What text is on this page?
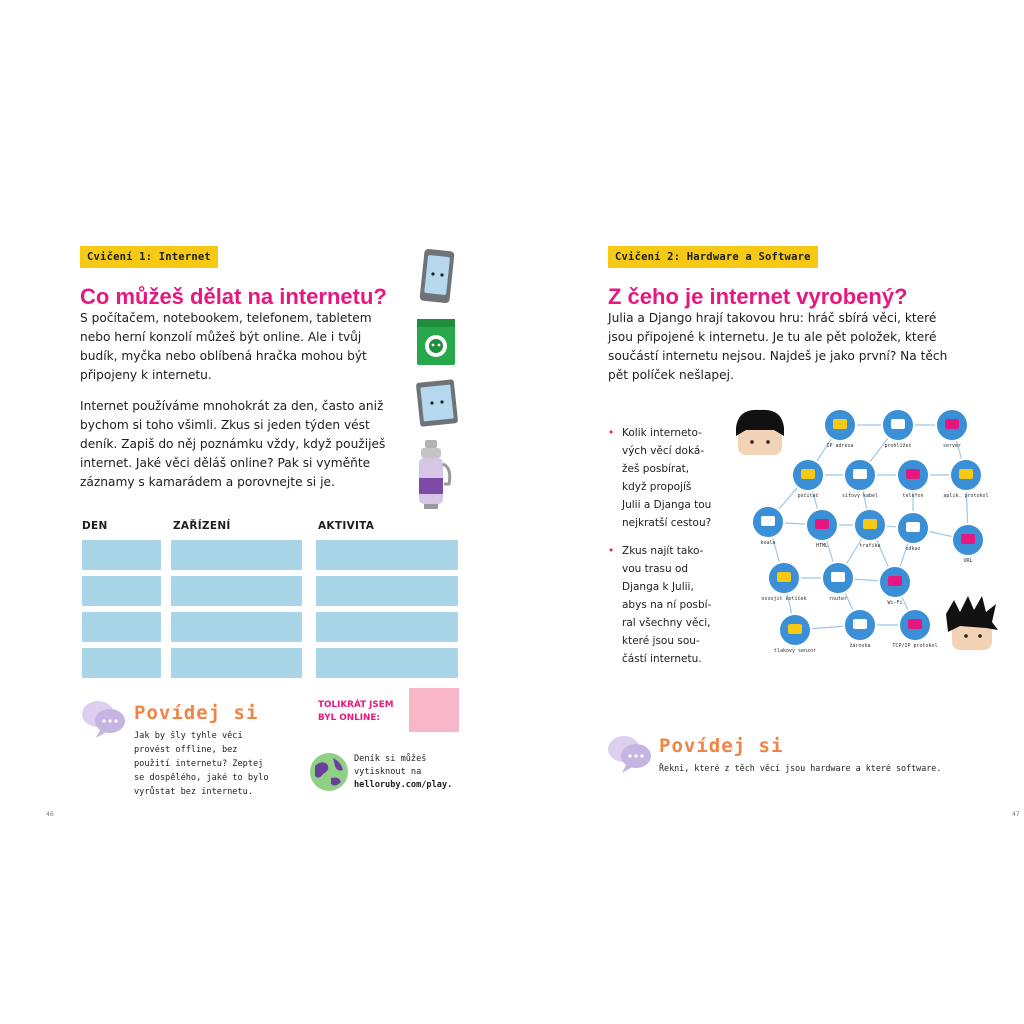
Cvičení 1: Internet
Co můžeš dělat na internetu?
S počítačem, notebookem, telefonem, tabletem
nebo herní konzolí můžeš být online. Ale i tvůj
budík, myčka nebo oblíbená hračka mohou být
připojeny k internetu.
Internet používáme mnohokrát za den, často aniž
bychom si toho všimli. Zkus si jeden týden vést
deník. Zapiš do něj poznámku vždy, když použiješ
internet. Jaké věci děláš online? Pak si vyměňte
záznamy s kamarádem a porovnejte si je.
DEN	ZAŘÍZENÍ	AKTIVITA
Povídej si
Jak by šly tyhle věci
provést offline, bez
použití internetu? Zeptej
se dospělého, jaké to bylo
vyrůstat bez internetu.
TOLIKRÁT JSEM
BYL ONLINE:
Deník si můžeš
vytisknout na
helloruby.com/play.
46
Cvičení 2: Hardware a Software
Z čeho je internet vyrobený?
Julia a Django hrají takovou hru: hráč sbírá věci, které
jsou připojené k internetu. Je tu ale pět položek, které
součástí internetu nejsou. Najdeš je jako první? Na těch
pět políček nešlapej.
• Kolik interneto-
vých věcí doká-
žeš posbírat,
když propojíš
Julii a Djanga tou
nejkratší cestou?
• Zkus najít tako-
vou trasu od
Djanga k Julii,
abys na ní posbí-
ral všechny věci,
které jsou sou-
částí internetu.
IP adresa	prohlížeč	server
počítač	síťový kabel	telefon	aplik. protokol
koala	HTML	trafika	odkaz
URL
osvojit kotíček	router
Wi-Fi
tlakový senzor
žárovka	TCP/IP protokol
Povídej si
Řekni, které z těch věcí jsou hardware a které software.
47
